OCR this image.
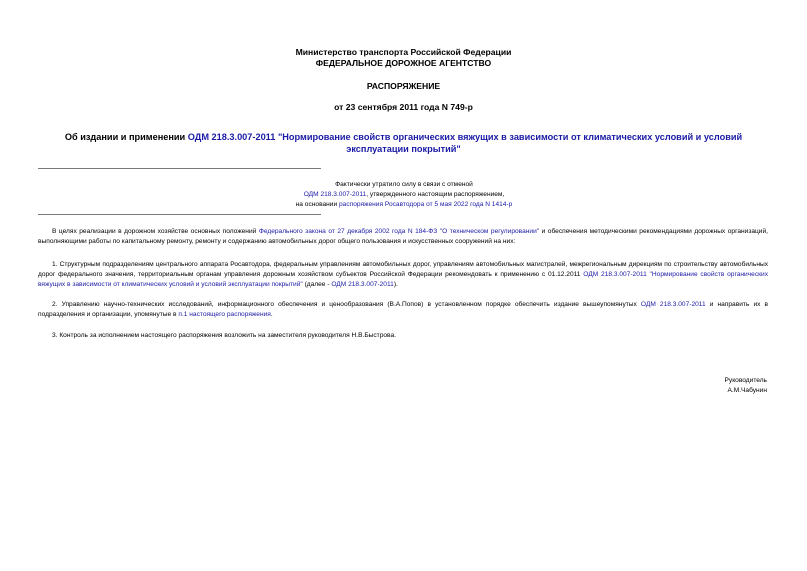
Министерство транспорта Российской Федерации
ФЕДЕРАЛЬНОЕ ДОРОЖНОЕ АГЕНТСТВО
РАСПОРЯЖЕНИЕ
от 23 сентября 2011 года N 749-р
Об издании и применении ОДМ 218.3.007-2011 "Нормирование свойств органических вяжущих в зависимости от климатических условий и условий эксплуатации покрытий"
Фактически утратило силу в связи с отменой
ОДМ 218.3.007-2011, утвержденного настоящим распоряжением,
на основании распоряжения Росавтодора от 5 мая 2022 года N 1414-р
В целях реализации в дорожном хозяйстве основных положений Федерального закона от 27 декабря 2002 года N 184-ФЗ "О техническом регулировании" и обеспечения методическими рекомендациями дорожных организаций, выполняющими работы по капитальному ремонту, ремонту и содержанию автомобильных дорог общего пользования и искусственных сооружений на них:
1. Структурным подразделениям центрального аппарата Росавтодора, федеральным управлениям автомобильных дорог, управлениям автомобильных магистралей, межрегиональным дирекциям по строительству автомобильных дорог федерального значения, территориальным органам управления дорожным хозяйством субъектов Российской Федерации рекомендовать к применению с 01.12.2011 ОДМ 218.3.007-2011 "Нормирование свойств органических вяжущих в зависимости от климатических условий и условий эксплуатации покрытий" (далее - ОДМ 218.3.007-2011).
2. Управлению научно-технических исследований, информационного обеспечения и ценообразования (В.А.Попов) в установленном порядке обеспечить издание вышеупомянутых ОДМ 218.3.007-2011 и направить их в подразделения и организации, упомянутые в п.1 настоящего распоряжения.
3. Контроль за исполнением настоящего распоряжения возложить на заместителя руководителя Н.В.Быстрова.
Руководитель
А.М.Чабунин
